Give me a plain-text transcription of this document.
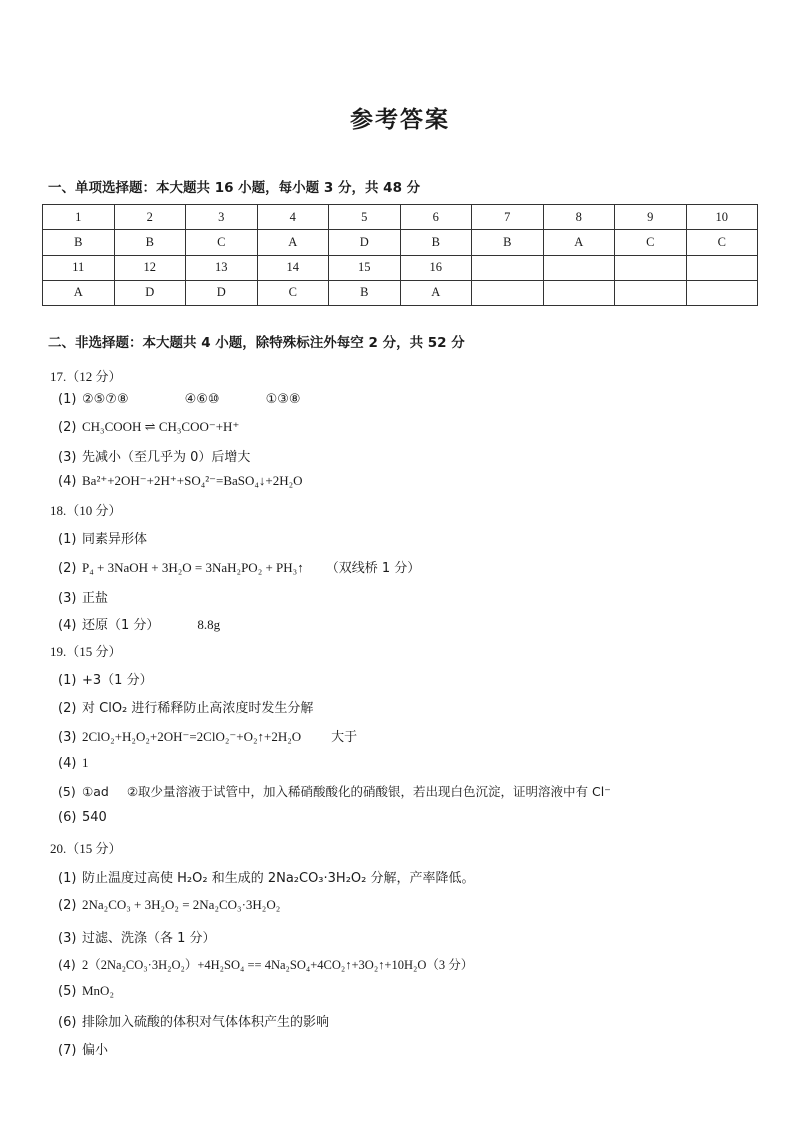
参考答案
一、单项选择题：本大题共 16 小题，每小题 3 分，共 48 分
1	2	3	4	5	6	7	8	9	10
B	B	C	A	D	B	B	A	C	C
11	12	13	14	15	16				
A	D	D	C	B	A				
二、非选择题：本大题共 4 小题，除特殊标注外每空 2 分，共 52 分
17.（12 分）
(1) ②⑤⑦⑧	④⑥⑩	①③⑧
(2) CH₃COOH ⇌ CH₃COO⁻+H⁺
(3) 先减小（至几乎为 0）后增大
(4) Ba²⁺+2OH⁻+2H⁺+SO₄²⁻=BaSO₄↓+2H₂O
18.（10 分）
(1) 同素异形体
(2) P₄ + 3NaOH + 3H₂O = 3NaH₂PO₂ + PH₃↑ （双线桥 1 分）
(3) 正盐
(4) 还原（1 分）	8.8g
19.（15 分）
(1) +3（1 分）
(2) 对 ClO₂ 进行稀释防止高浓度时发生分解
(3) 2ClO₂+H₂O₂+2OH⁻=2ClO₂⁻+O₂↑+2H₂O 大于
(4) 1
(5) ①ad ②取少量溶液于试管中，加入稀硝酸酸化的硝酸银，若出现白色沉淀，证明溶液中有 Cl⁻
(6) 540
20.（15 分）
(1) 防止温度过高使 H₂O₂ 和生成的 2Na₂CO₃·3H₂O₂ 分解，产率降低。
(2) 2Na₂CO₃ + 3H₂O₂ = 2Na₂CO₃·3H₂O₂
(3) 过滤、洗涤（各 1 分）
(4) 2（2Na₂CO₃·3H₂O₂）+4H₂SO₄ == 4Na₂SO₄+4CO₂↑+3O₂↑+10H₂O（3 分）
(5) MnO₂
(6) 排除加入硫酸的体积对气体体积产生的影响
(7) 偏小
